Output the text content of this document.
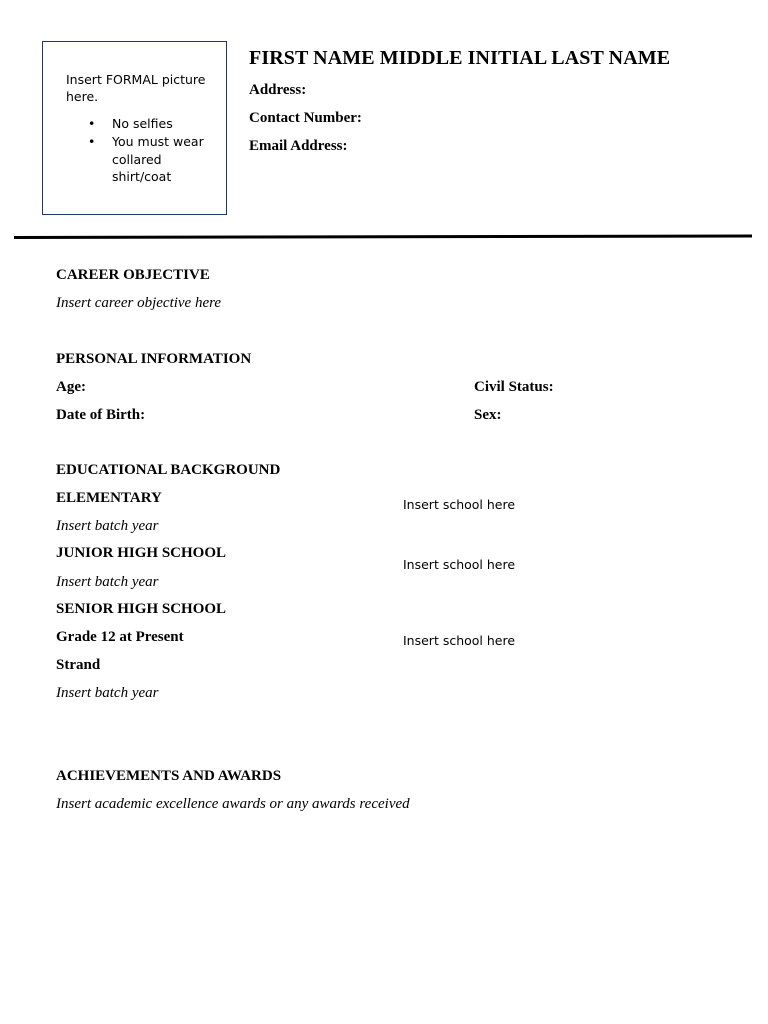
Insert FORMAL picture here.
• No selfies
• You must wear collared shirt/coat
FIRST NAME MIDDLE INITIAL LAST NAME
Address:
Contact Number:
Email Address:
CAREER OBJECTIVE
Insert career objective here
PERSONAL INFORMATION
Age:
Date of Birth:
Civil Status:
Sex:
EDUCATIONAL BACKGROUND
ELEMENTARY
Insert batch year
Insert school here
JUNIOR HIGH SCHOOL
Insert batch year
Insert school here
SENIOR HIGH SCHOOL
Grade 12 at Present
Strand
Insert batch year
Insert school here
ACHIEVEMENTS AND AWARDS
Insert academic excellence awards or any awards received
